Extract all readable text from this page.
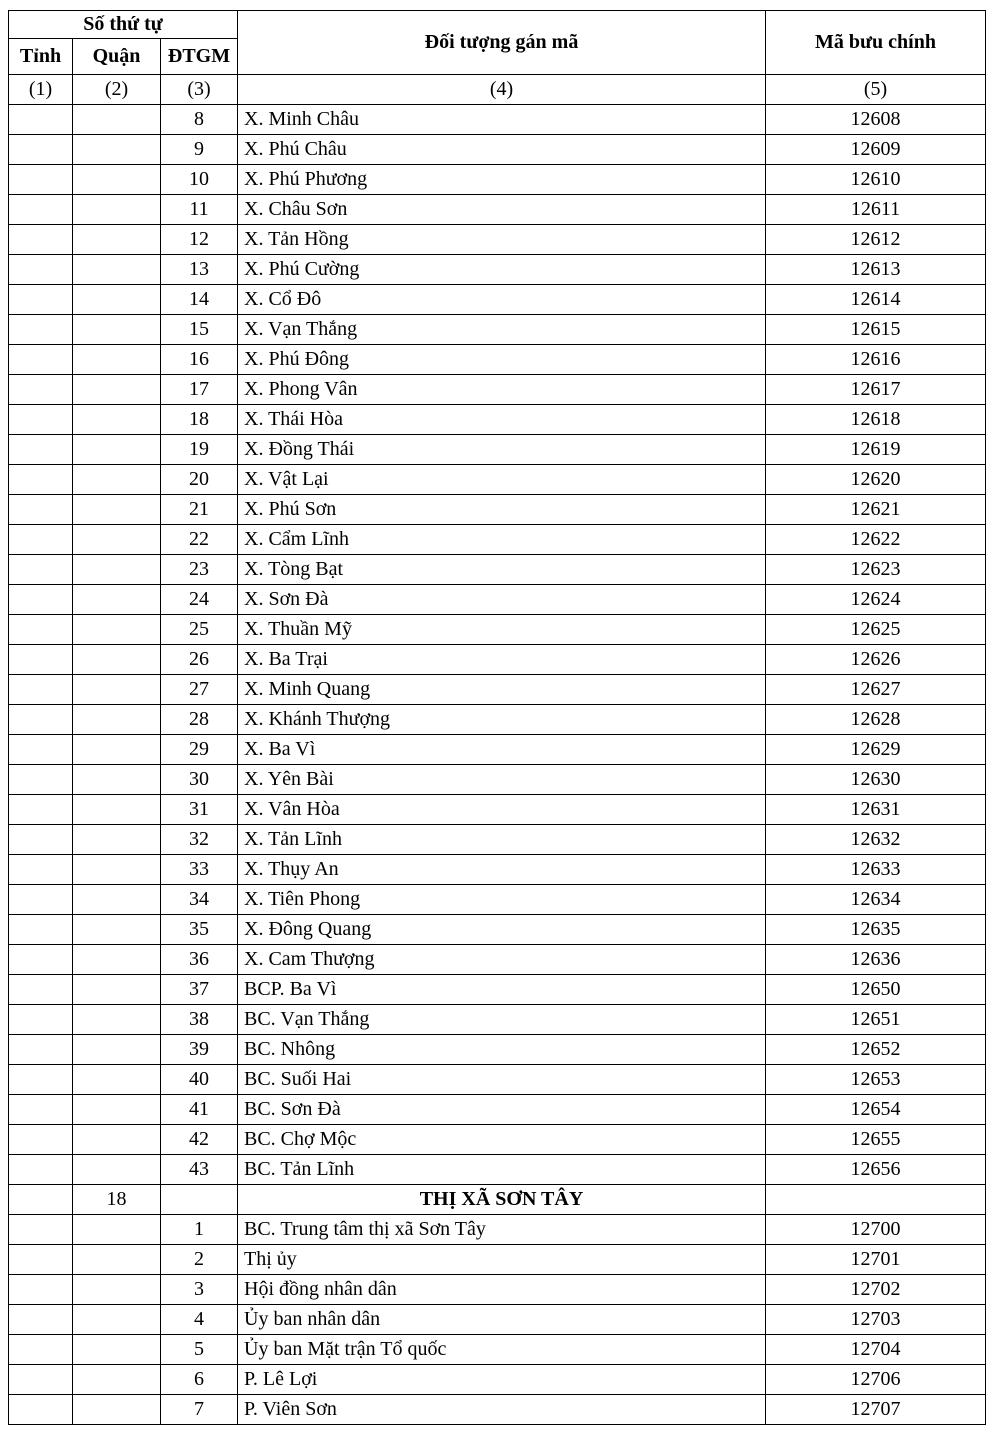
Số thứ tự			Đối tượng gán mã	Mã bưu chính
Tỉnh	Quận	ĐTGM		
(1)	(2)	(3)	(4)	(5)
		8	X. Minh Châu	12608
		9	X. Phú Châu	12609
		10	X. Phú Phương	12610
		11	X. Châu Sơn	12611
		12	X. Tản Hồng	12612
		13	X. Phú Cường	12613
		14	X. Cổ Đô	12614
		15	X. Vạn Thắng	12615
		16	X. Phú Đông	12616
		17	X. Phong Vân	12617
		18	X. Thái Hòa	12618
		19	X. Đồng Thái	12619
		20	X. Vật Lại	12620
		21	X. Phú Sơn	12621
		22	X. Cẩm Lĩnh	12622
		23	X. Tòng Bạt	12623
		24	X. Sơn Đà	12624
		25	X. Thuần Mỹ	12625
		26	X. Ba Trại	12626
		27	X. Minh Quang	12627
		28	X. Khánh Thượng	12628
		29	X. Ba Vì	12629
		30	X. Yên Bài	12630
		31	X. Vân Hòa	12631
		32	X. Tản Lĩnh	12632
		33	X. Thụy An	12633
		34	X. Tiên Phong	12634
		35	X. Đông Quang	12635
		36	X. Cam Thượng	12636
		37	BCP. Ba Vì	12650
		38	BC. Vạn Thắng	12651
		39	BC. Nhông	12652
		40	BC. Suối Hai	12653
		41	BC. Sơn Đà	12654
		42	BC. Chợ Mộc	12655
		43	BC. Tản Lĩnh	12656
	18		THỊ XÃ SƠN TÂY	
		1	BC. Trung tâm thị xã Sơn Tây	12700
		2	Thị ủy	12701
		3	Hội đồng nhân dân	12702
		4	Ủy ban nhân dân	12703
		5	Ủy ban Mặt trận Tổ quốc	12704
		6	P. Lê Lợi	12706
		7	P. Viên Sơn	12707
